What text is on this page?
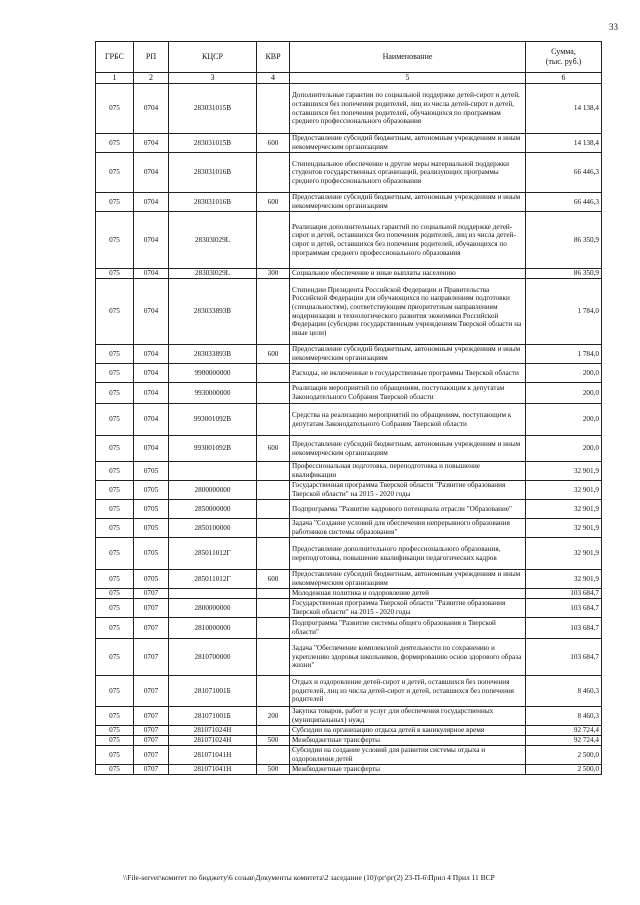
33
ГРБС	РП	КЦСР	КВР	Наименование	Сумма,
(тыс. руб.)
1	2	3	4	5	6
075	0704	283031015В		Дополнительные гарантии по социальной поддержке детей-сирот и детей, оставшихся без попечения родителей, лиц из числа детей-сирот и детей, оставшихся без попечения родителей, обучающихся по программам среднего профессионального образования	14 138,4
075	0704	283031015В	600	Предоставление субсидий бюджетным, автономным учреждениям и иным некоммерческим организациям	14 138,4
075	0704	283031016В		Стипендиальное обеспечение и другие меры материальной поддержки студентов государственных организаций, реализующих программы среднего профессионального образования	66 446,3
075	0704	283031016В	600	Предоставление субсидий бюджетным, автономным учреждениям и иным некоммерческим организациям	66 446,3
075	0704	28303l029L		Реализация дополнительных гарантий по социальной поддержке детей-сирот и детей, оставшихся без попечения родителей, лиц из числа детей-сирот и детей, оставшихся без попечения родителей, обучающихся по программам среднего профессионального образования	86 350,9
075	0704	28303l029L	300	Социальное обеспечение и иные выплаты населению	86 350,9
075	0704	283033893В		Стипендии Президента Российской Федерации и Правительства Российской Федерации для обучающихся по направлениям подготовки (специальностям), соответствующим приоритетным направлениям модернизации и технологического развития экономики Российской Федерации (субсидии государственным учреждениям Тверской области на иные цели)	1 784,0
075	0704	283033893В	600	Предоставление субсидий бюджетным, автономным учреждениям и иным некоммерческим организациям	1 784,0
075	0704	9900000000		Расходы, не включенные в государственные программы Тверской области	200,0
075	0704	9930000000		Реализация мероприятий по обращениям, поступающим к депутатам Законодательного Собрания Тверской области	200,0
075	0704	993001092В		Средства на реализацию мероприятий по обращениям, поступающим к депутатам Законодательного Собрания Тверской области	200,0
075	0704	993001092В	600	Предоставление субсидий бюджетным, автономным учреждениям и иным некоммерческим организациям	200,0
075	0705			Профессиональная подготовка, переподготовка и повышение квалификации	32 901,9
075	0705	2800000000		Государственная программа Тверской области "Развитие образования Тверской области" на 2015 - 2020 годы	32 901,9
075	0705	2850000000		Подпрограмма "Развитие кадрового потенциала отрасли "Образование"	32 901,9
075	0705	2850100000		Задача "Создание условий для обеспечения непрерывного образования работников системы образования"	32 901,9
075	0705	285011012Г		Предоставление дополнительного профессионального образования, переподготовка, повышение квалификации педагогических кадров	32 901,9
075	0705	285011012Г	600	Предоставление субсидий бюджетным, автономным учреждениям и иным некоммерческим организациям	32 901,9
075	0707			Молодежная политика и оздоровление детей	103 684,7
075	0707	2800000000		Государственная программа Тверской области "Развитие образования Тверской области" на 2015 - 2020 годы	103 684,7
075	0707	2810000000		Подпрограмма "Развитие системы общего образования в Тверской области"	103 684,7
075	0707	2810700000		Задача "Обеспечение комплексной деятельности по сохранению и укреплению здоровья школьников, формированию основ здорового образа жизни"	103 684,7
075	0707	281071001Б		Отдых и оздоровление детей-сирот и детей, оставшихся без попечения родителей, лиц из числа детей-сирот и детей, оставшихся без попечения родителей	8 460,3
075	0707	281071001Б	200	Закупка товаров, работ и услуг для обеспечения государственных (муниципальных) нужд	8 460,3
075	0707	281071024Н		Субсидии на организацию отдыха детей в каникулярное время	92 724,4
075	0707	281071024Н	500	Межбюджетные трансферты	92 724,4
075	0707	281071041Н		Субсидии на создание условий для развития системы отдыха и оздоровления детей	2 500,0
075	0707	281071041Н	500	Межбюджетные трансферты	2 500,0
\\File-server\комитет по бюджету\6 созыв\Документы комитета\2 заседание (10)\рг\рг(2) 23-П-6\Прил 4 Прил 11 ВСР
